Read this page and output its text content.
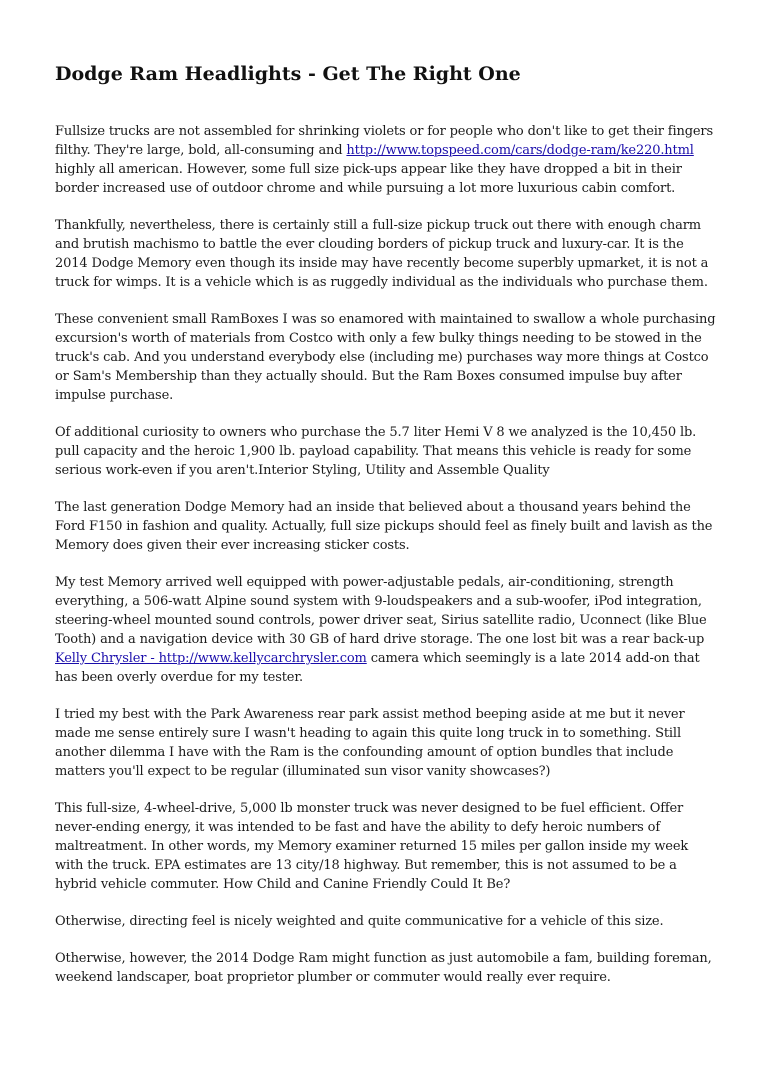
Dodge Ram Headlights - Get The Right One

Fullsize trucks are not assembled for shrinking violets or for people who don't like to get their fingers filthy. They're large, bold, all-consuming and http://www.topspeed.com/cars/dodge-ram/ke220.html highly all american. However, some full size pick-ups appear like they have dropped a bit in their border increased use of outdoor chrome and while pursuing a lot more luxurious cabin comfort.

Thankfully, nevertheless, there is certainly still a full-size pickup truck out there with enough charm and brutish machismo to battle the ever clouding borders of pickup truck and luxury-car. It is the 2014 Dodge Memory even though its inside may have recently become superbly upmarket, it is not a truck for wimps. It is a vehicle which is as ruggedly individual as the individuals who purchase them.

These convenient small RamBoxes I was so enamored with maintained to swallow a whole purchasing excursion's worth of materials from Costco with only a few bulky things needing to be stowed in the truck's cab. And you understand everybody else (including me) purchases way more things at Costco or Sam's Membership than they actually should. But the Ram Boxes consumed impulse buy after impulse purchase.

Of additional curiosity to owners who purchase the 5.7 liter Hemi V 8 we analyzed is the 10,450 lb. pull capacity and the heroic 1,900 lb. payload capability. That means this vehicle is ready for some serious work-even if you aren't.Interior Styling, Utility and Assemble Quality

The last generation Dodge Memory had an inside that believed about a thousand years behind the Ford F150 in fashion and quality. Actually, full size pickups should feel as finely built and lavish as the Memory does given their ever increasing sticker costs.

My test Memory arrived well equipped with power-adjustable pedals, air-conditioning, strength everything, a 506-watt Alpine sound system with 9-loudspeakers and a sub-woofer, iPod integration, steering-wheel mounted sound controls, power driver seat, Sirius satellite radio, Uconnect (like Blue Tooth) and a navigation device with 30 GB of hard drive storage. The one lost bit was a rear back-up Kelly Chrysler - http://www.kellycarchrysler.com camera which seemingly is a late 2014 add-on that has been overly overdue for my tester.

I tried my best with the Park Awareness rear park assist method beeping aside at me but it never made me sense entirely sure I wasn't heading to again this quite long truck in to something. Still another dilemma I have with the Ram is the confounding amount of option bundles that include matters you'll expect to be regular (illuminated sun visor vanity showcases?)

This full-size, 4-wheel-drive, 5,000 lb monster truck was never designed to be fuel efficient. Offer never-ending energy, it was intended to be fast and have the ability to defy heroic numbers of maltreatment. In other words, my Memory examiner returned 15 miles per gallon inside my week with the truck. EPA estimates are 13 city/18 highway. But remember, this is not assumed to be a hybrid vehicle commuter. How Child and Canine Friendly Could It Be?

Otherwise, directing feel is nicely weighted and quite communicative for a vehicle of this size.

Otherwise, however, the 2014 Dodge Ram might function as just automobile a fam, building foreman, weekend landscaper, boat proprietor plumber or commuter would really ever require.
